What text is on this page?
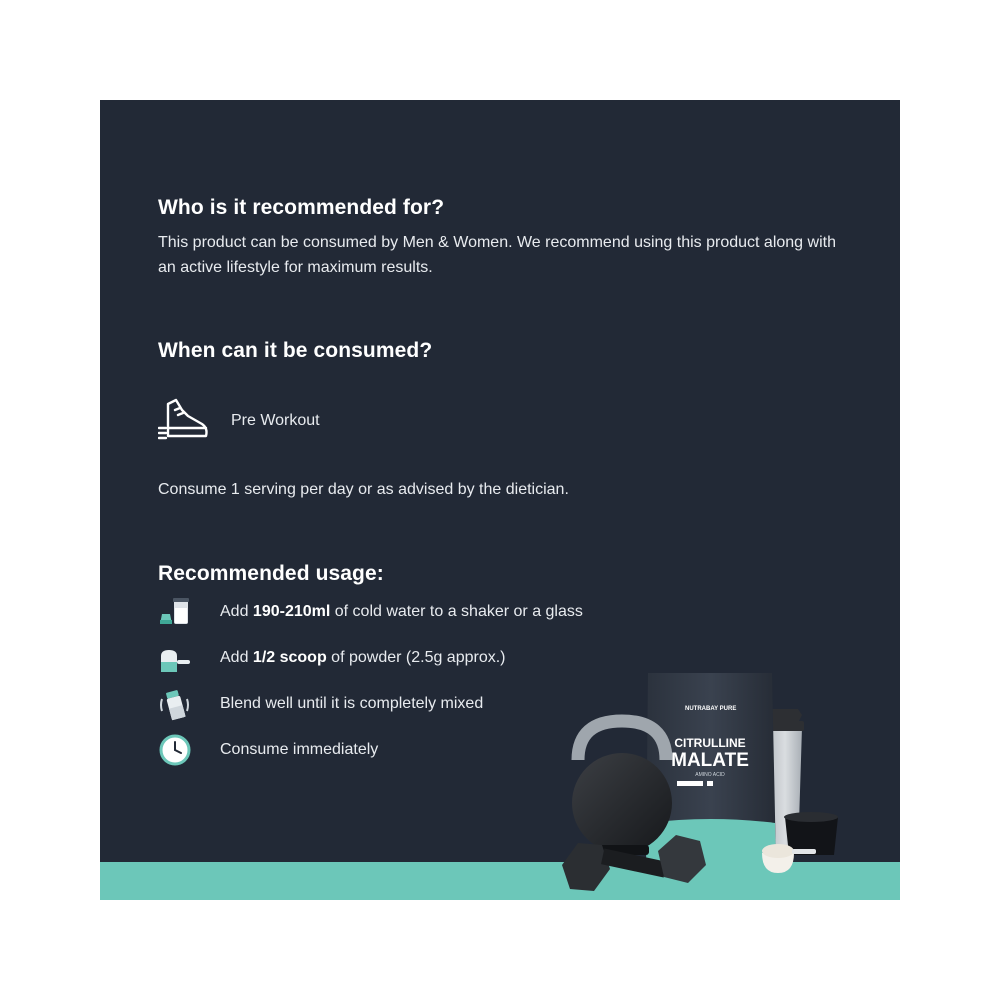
Who is it recommended for?

This product can be consumed by Men & Women. We recommend using this product along with an active lifestyle for maximum results.

When can it be consumed?
Pre Workout

Consume 1 serving per day or as advised by the dietician.

Recommended usage:
Add 190-210ml of cold water to a shaker or a glass
Add 1/2 scoop of powder (2.5g approx.)
Blend well until it is completely mixed
Consume immediately
NUTRABAY PURE
CITRULLINE
MALATE
AMINO ACID
